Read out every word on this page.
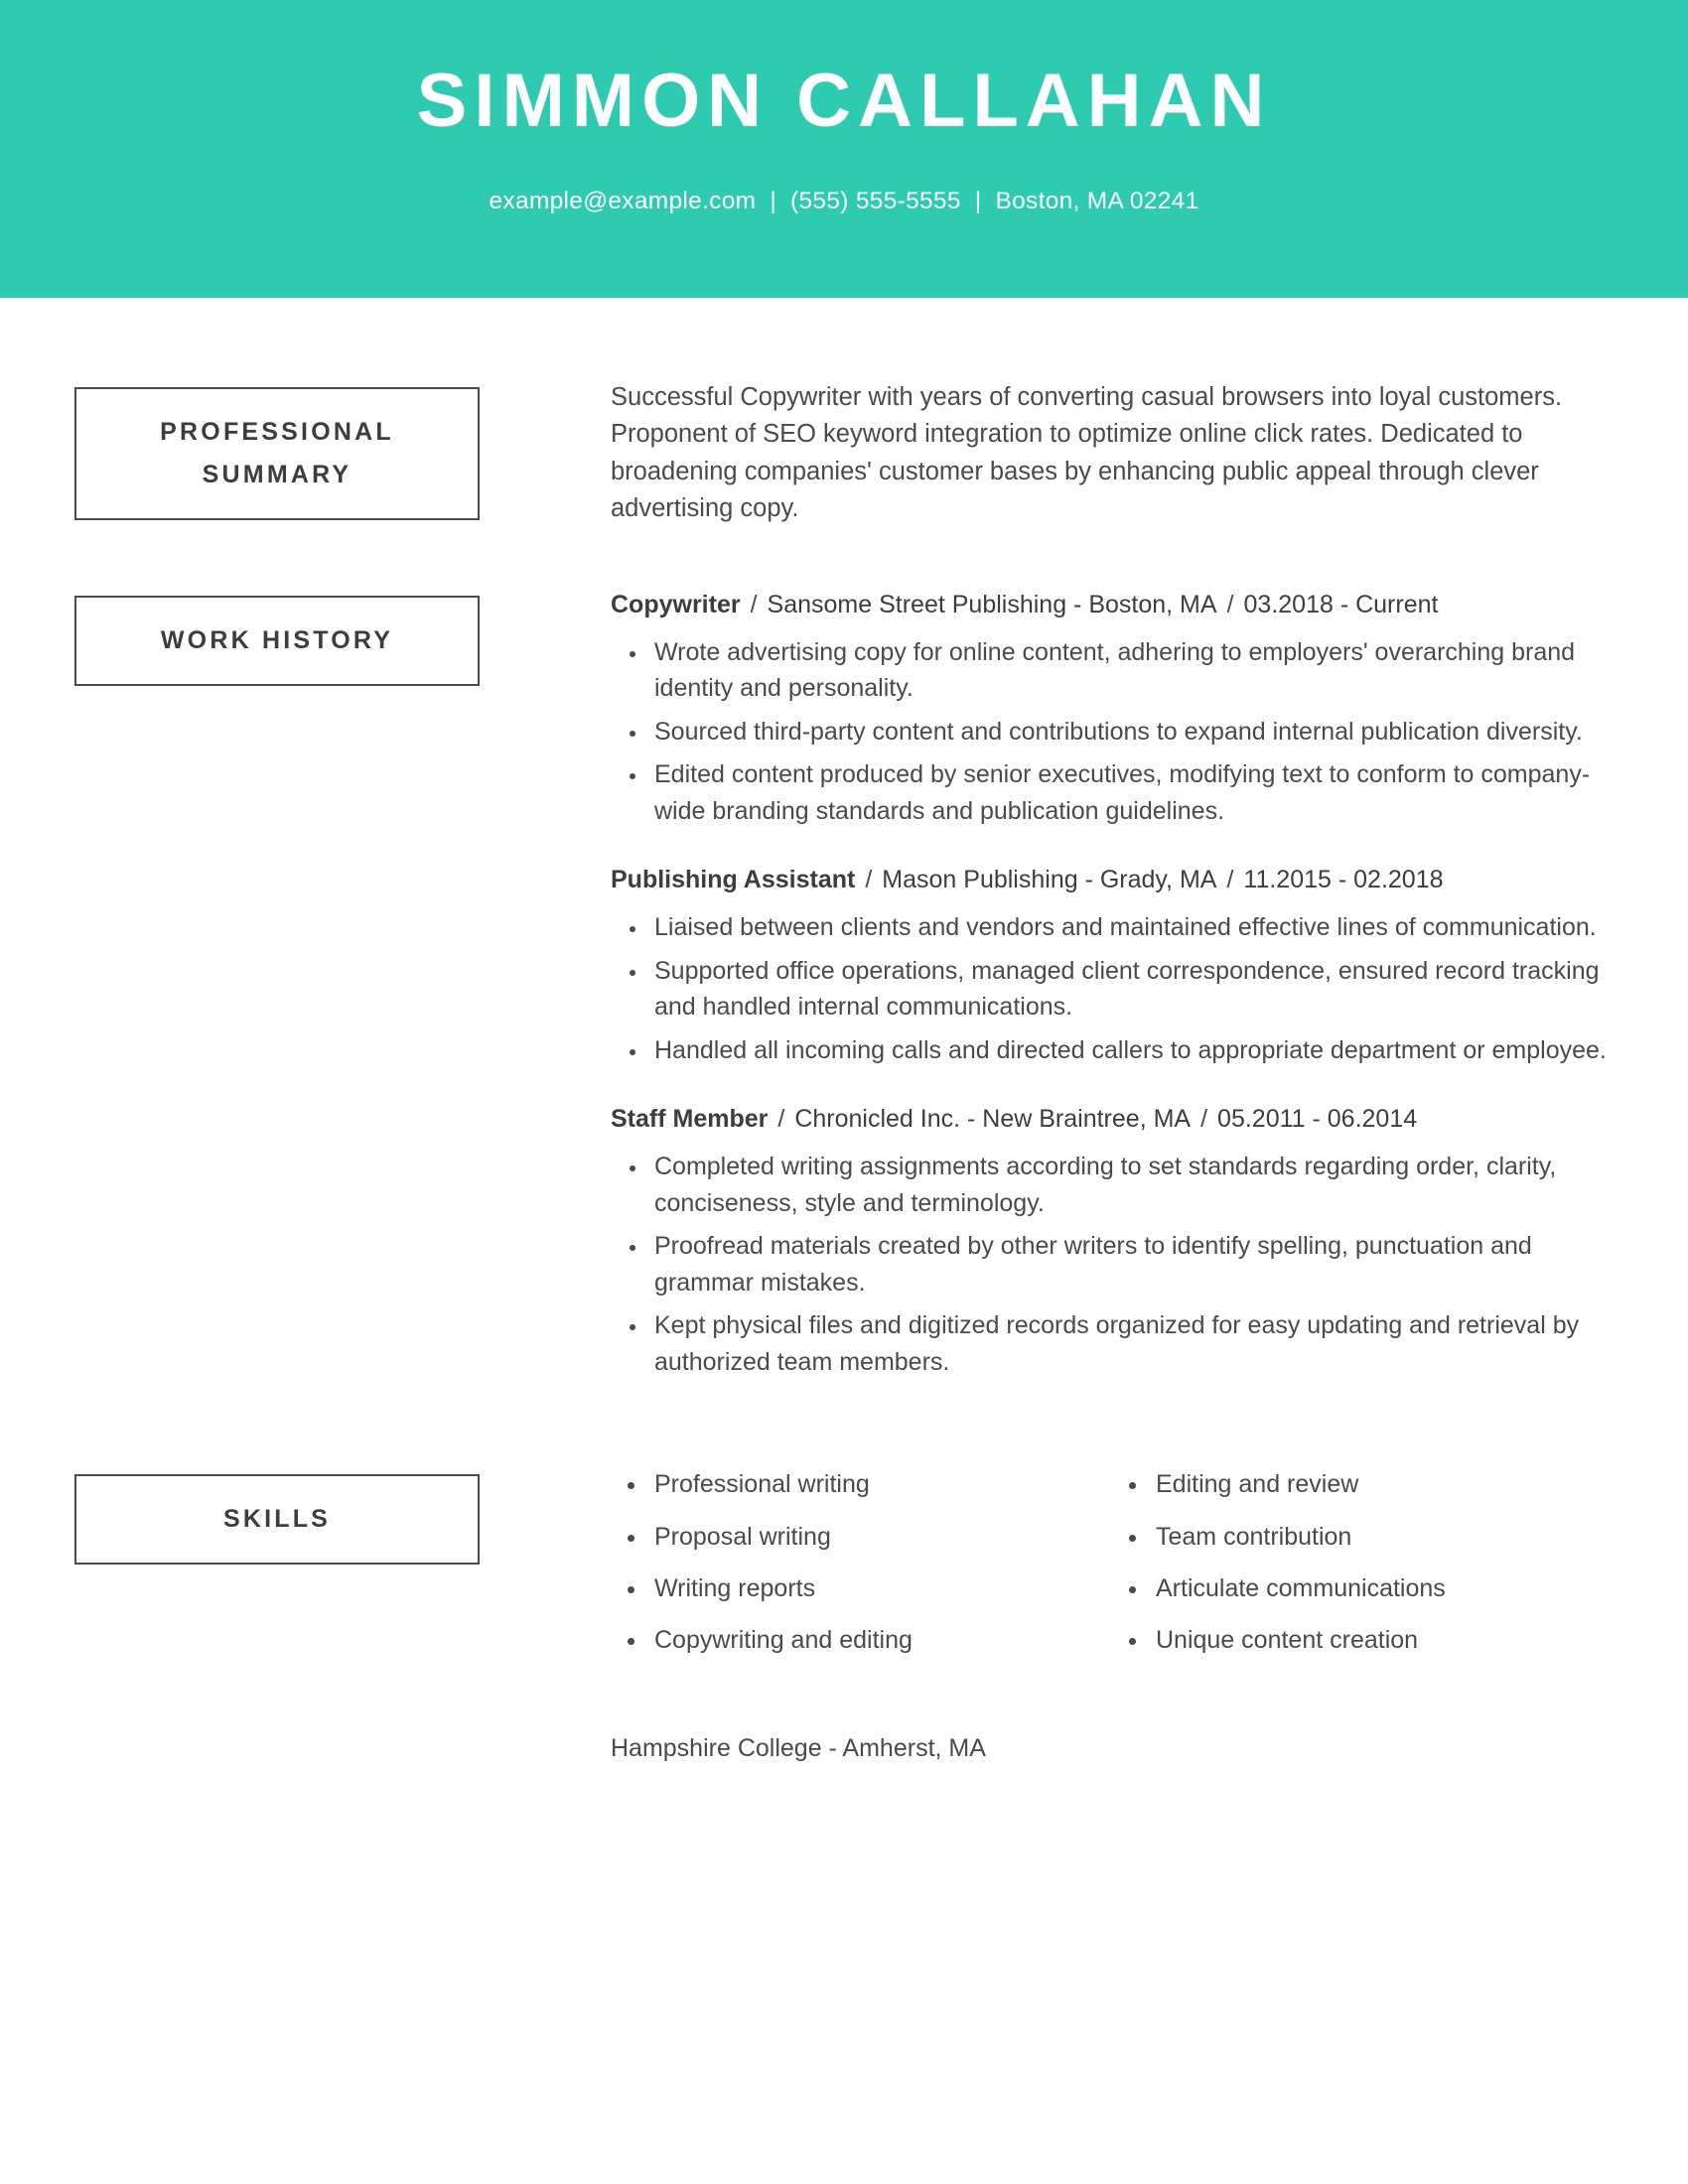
SIMMON CALLAHAN
example@example.com | (555) 555-5555 | Boston, MA 02241
PROFESSIONAL
SUMMARY

Successful Copywriter with years of converting casual browsers into loyal customers. Proponent of SEO keyword integration to optimize online click rates. Dedicated to broadening companies' customer bases by enhancing public appeal through clever advertising copy.

WORK HISTORY
Copywriter / Sansome Street Publishing - Boston, MA / 03.2018 - Current
• Wrote advertising copy for online content, adhering to employers' overarching brand identity and personality.
• Sourced third-party content and contributions to expand internal publication diversity.
• Edited content produced by senior executives, modifying text to conform to company-wide branding standards and publication guidelines.
Publishing Assistant / Mason Publishing - Grady, MA / 11.2015 - 02.2018
• Liaised between clients and vendors and maintained effective lines of communication.
• Supported office operations, managed client correspondence, ensured record tracking and handled internal communications.
• Handled all incoming calls and directed callers to appropriate department or employee.
Staff Member / Chronicled Inc. - New Braintree, MA / 05.2011 - 06.2014
• Completed writing assignments according to set standards regarding order, clarity, conciseness, style and terminology.
• Proofread materials created by other writers to identify spelling, punctuation and grammar mistakes.
• Kept physical files and digitized records organized for easy updating and retrieval by authorized team members.
SKILLS
• Professional writing
• Proposal writing
• Writing reports
• Copywriting and editing
• Editing and review
• Team contribution
• Articulate communications
• Unique content creation
Hampshire College - Amherst, MA
